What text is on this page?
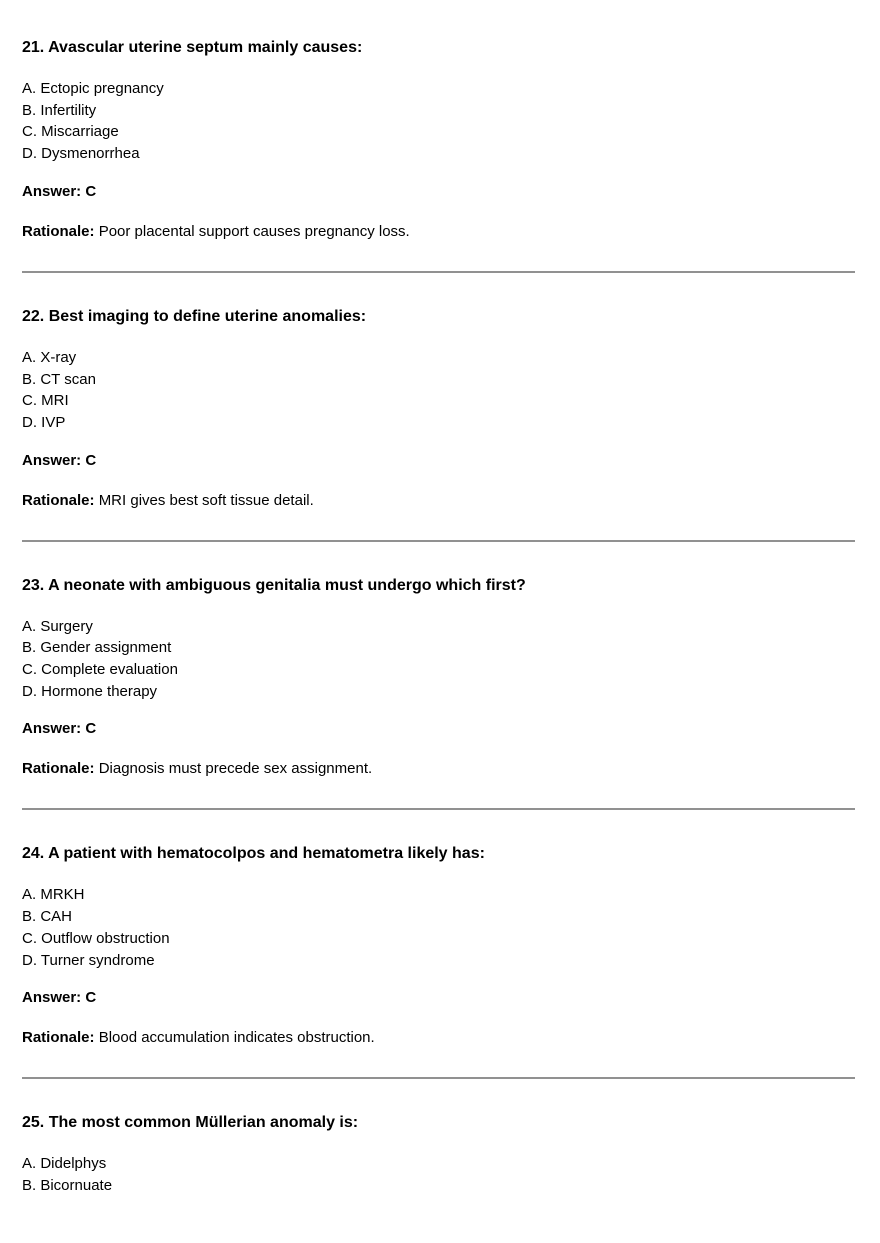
21. Avascular uterine septum mainly causes:

A. Ectopic pregnancy

B. Infertility

C. Miscarriage

D. Dysmenorrhea

Answer: C

Rationale: Poor placental support causes pregnancy loss.

22. Best imaging to define uterine anomalies:

A. X-ray

B. CT scan

C. MRI

D. IVP

Answer: C

Rationale: MRI gives best soft tissue detail.

23. A neonate with ambiguous genitalia must undergo which first?

A. Surgery

B. Gender assignment

C. Complete evaluation

D. Hormone therapy

Answer: C

Rationale: Diagnosis must precede sex assignment.

24. A patient with hematocolpos and hematometra likely has:

A. MRKH

B. CAH

C. Outflow obstruction

D. Turner syndrome

Answer: C

Rationale: Blood accumulation indicates obstruction.

25. The most common Müllerian anomaly is:

A. Didelphys

B. Bicornuate
